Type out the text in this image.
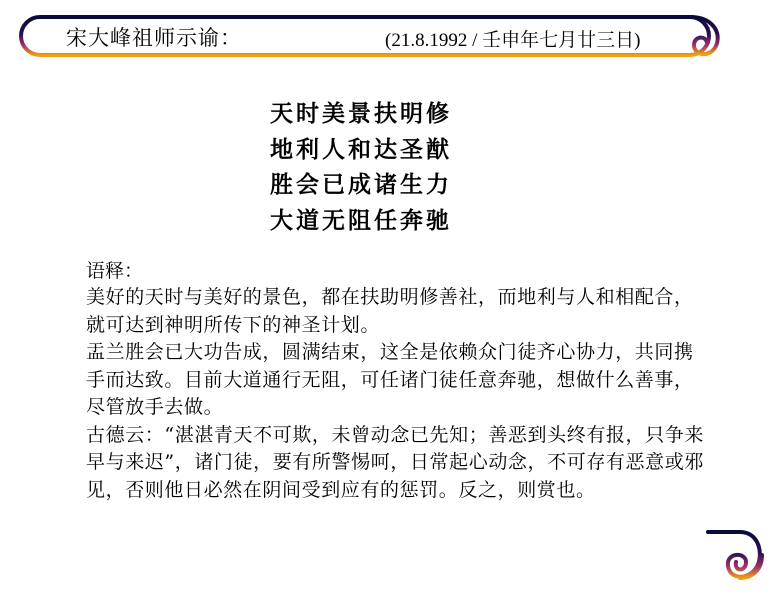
宋大峰祖师示谕：	(21.8.1992 / 壬申年七月廿三日)
天时美景扶明修
地利人和达圣猷
胜会已成诸生力
大道无阻任奔驰
语释：

美好的天时与美好的景色，都在扶助明修善社，而地利与人和相配合，就可达到神明所传下的神圣计划。

盂兰胜会已大功告成，圆满结束，这全是依赖众门徒齐心协力，共同携手而达致。目前大道通行无阻，可任诸门徒任意奔驰，想做什么善事，尽管放手去做。

古德云：“湛湛青天不可欺，未曾动念已先知；善恶到头终有报，只争来早与来迟”，诸门徒，要有所警惕呵，日常起心动念，不可存有恶意或邪见，否则他日必然在阴间受到应有的惩罚。反之，则赏也。
